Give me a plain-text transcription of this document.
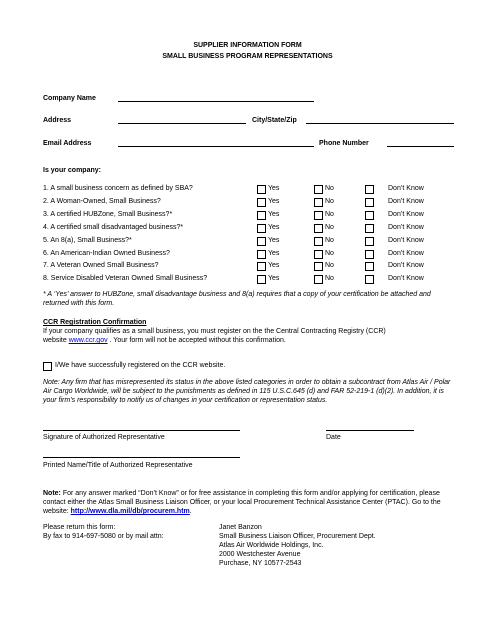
SUPPLIER INFORMATION FORM
SMALL BUSINESS PROGRAM REPRESENTATIONS
Company Name
Address	City/State/Zip
Email Address	Phone Number
Is your company:
1. A small business concern as defined by SBA?	Yes	No	Don’t Know
2. A Woman-Owned, Small Business?	Yes	No	Don’t Know
3. A certified HUBZone, Small Business?*	Yes	No	Don’t Know
4. A certified small disadvantaged business?*	Yes	No	Don’t Know
5. An 8(a), Small Business?*	Yes	No	Don’t Know
6. An American-Indian Owned Business?	Yes	No	Don’t Know
7. A Veteran Owned Small Business?	Yes	No	Don’t Know
8. Service Disabled Veteran Owned Small Business?	Yes	No	Don’t Know
* A ‘Yes’ answer to HUBZone, small disadvantage business and 8(a) requires that a copy of your certification be attached and returned with this form.
CCR Registration Confirmation
If your company qualifies as a small business, you must register on the the Central Contracting Registry (CCR)
website www.ccr.gov . Your form will not be accepted without this confirmation.
I/We have successfully registered on the CCR website.
Note: Any firm that has misrepresented its status in the above listed categories in order to obtain a subcontract from Atlas Air / Polar Air Cargo Worldwide, will be subject to the punishments as defined in 115 U.S.C.645 (d) and FAR 52-219-1 (d)(2). In addition, it is your firm’s responsibility to notify us of changes in your certification or representation status.
Signature of Authorized Representative	Date
Printed Name/Title of Authorized Representative
Note: For any answer marked “Don’t Know” or for free assistance in completing this form and/or applying for certification, please contact either the Atlas Small Business Liaison Officer, or your local Procurement Technical Assistance Center (PTAC). Go to the website: http://www.dla.mil/db/procurem.htm.
Please return this form:
By fax to 914-697-5080 or by mail attn:
Janet Banzon
Small Business Liaison Officer, Procurement Dept.
Atlas Air Worldwide Holdings, Inc.
2000 Westchester Avenue
Purchase, NY 10577-2543
